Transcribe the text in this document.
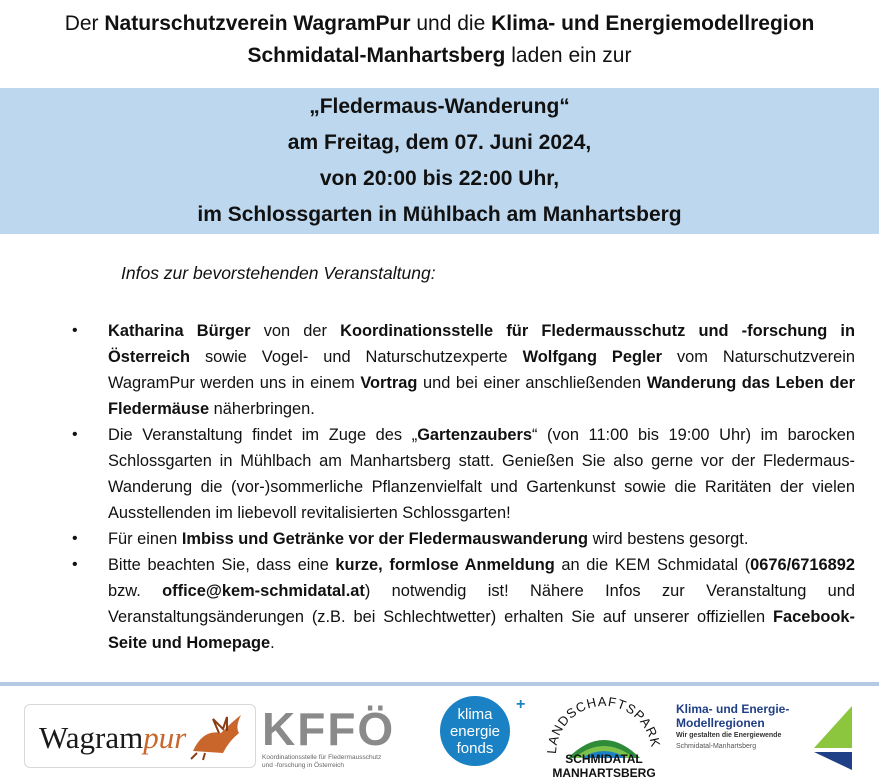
Der Naturschutzverein WagramPur und die Klima- und Energiemodellregion
Schmidatal-Manhartsberg laden ein zur
„Fledermaus-Wanderung“
am Freitag, dem 07. Juni 2024,
von 20:00 bis 22:00 Uhr,
im Schlossgarten in Mühlbach am Manhartsberg
Infos zur bevorstehenden Veranstaltung:
•	Katharina Bürger von der Koordinationsstelle für Fledermausschutz und -forschung in Österreich sowie Vogel- und Naturschutzexperte Wolfgang Pegler vom Naturschutzverein WagramPur werden uns in einem Vortrag und bei einer anschließenden Wanderung das Leben der Fledermäuse näherbringen.
•	Die Veranstaltung findet im Zuge des „Gartenzaubers“ (von 11:00 bis 19:00 Uhr) im barocken Schlossgarten in Mühlbach am Manhartsberg statt. Genießen Sie also gerne vor der Fledermaus-Wanderung die (vor-)sommerliche Pflanzenvielfalt und Gartenkunst sowie die Raritäten der vielen Ausstellenden im liebevoll revitalisierten Schlossgarten!
•	Für einen Imbiss und Getränke vor der Fledermauswanderung wird bestens gesorgt.
•	Bitte beachten Sie, dass eine kurze, formlose Anmeldung an die KEM Schmidatal (0676/6716892 bzw. office@kem-schmidatal.at) notwendig ist! Nähere Infos zur Veranstaltung und Veranstaltungsänderungen (z.B. bei Schlechtwetter) erhalten Sie auf unserer offiziellen Facebook-Seite und Homepage.
Wagrampur KFFÖ
Koordinationsstelle für Fledermausschutz und -forschung in Österreich
klima
energie
fonds
+
LANDSCHAFTSPARK
SCHMIDATAL MANHARTSBERG
Klima- und Energie-Modellregionen
Wir gestalten die Energiewende
Schmidatal-Manhartsberg
